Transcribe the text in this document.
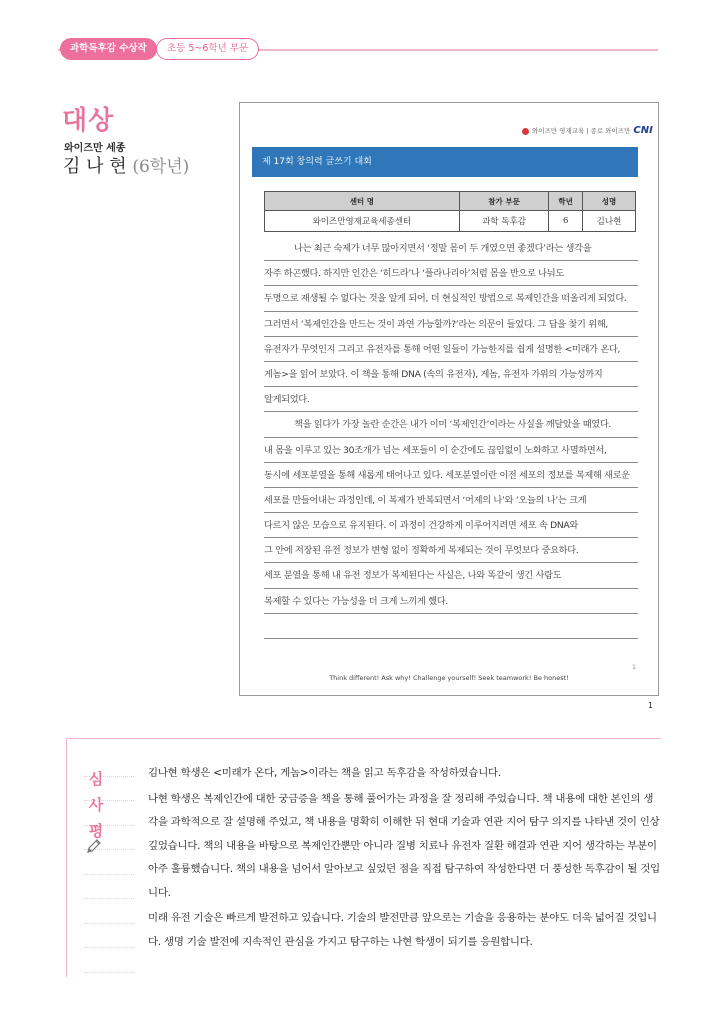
과학독후감 수상작	초등 5~6학년 부문
대상
와이즈만 세종
김 나 현 (6학년)
와이즈만 영재교육 | 종로 와이즈만 CNI
제 17회 창의력 글쓰기 대회
센터 명	참가 부문	학년	성명
와이즈만영재교육세종센터	과학 독후감	6	김나현
나는 최근 숙제가 너무 많아지면서 ‘정말 몸이 두 개였으면 좋겠다’라는 생각을
자주 하곤했다. 하지만 인간은 ‘히드라’나 ‘플라나리아’처럼 몸을 반으로 나눠도
두명으로 재생될 수 없다는 것을 알게 되어, 더 현실적인 방법으로 복제인간을 떠올리게 되었다.
그러면서 ‘복제인간을 만드는 것이 과연 가능할까?’라는 의문이 들었다. 그 답을 찾기 위해,
유전자가 무엇인지 그리고 유전자를 통해 어떤 일들이 가능한지를 쉽게 설명한 <미래가 온다,
게놈>을 읽어 보았다. 이 책을 통해 DNA (속의 유전자), 게놈, 유전자 가위의 가능성까지
알게되었다.
책을 읽다가 가장 놀란 순간은 내가 이미 ‘복제인간’이라는 사실을 깨달았을 때였다.
내 몸을 이루고 있는 30조개가 넘는 세포들이 이 순간에도 끊임없이 노화하고 사멸하면서,
동시에 세포분열을 통해 새롭게 태어나고 있다. 세포분열이란 이전 세포의 정보를 복제해 새로운
세포를 만들어내는 과정인데, 이 복제가 반복되면서 ‘어제의 나’와 ‘오늘의 나’는 크게
다르지 않은 모습으로 유지된다. 이 과정이 건강하게 이루어지려면 세포 속 DNA와
그 안에 저장된 유전 정보가 변형 없이 정확하게 복제되는 것이 무엇보다 중요하다.
세포 분열을 통해 내 유전 정보가 복제된다는 사실은, 나와 똑같이 생긴 사람도
복제할 수 있다는 가능성을 더 크게 느끼게 했다.
1
Think different! Ask why! Challenge yourself! Seek teamwork! Be honest!
1
심
사
평

김나현 학생은 <미래가 온다, 게놈>이라는 책을 읽고 독후감을 작성하였습니다.

나현 학생은 복제인간에 대한 궁금증을 책을 통해 풀어가는 과정을 잘 정리해 주었습니다. 책 내용에 대한 본인의 생각을 과학적으로 잘 설명해 주었고, 책 내용을 명확히 이해한 뒤 현대 기술과 연관 지어 탐구 의지를 나타낸 것이 인상 깊었습니다. 책의 내용을 바탕으로 복제인간뿐만 아니라 질병 치료나 유전자 질환 해결과 연관 지어 생각하는 부분이 아주 훌륭했습니다. 책의 내용을 넘어서 알아보고 싶었던 점을 직접 탐구하여 작성한다면 더 풍성한 독후감이 될 것입니다.

미래 유전 기술은 빠르게 발전하고 있습니다. 기술의 발전만큼 앞으로는 기술을 응용하는 분야도 더욱 넓어질 것입니다. 생명 기술 발전에 지속적인 관심을 가지고 탐구하는 나현 학생이 되기를 응원합니다.
